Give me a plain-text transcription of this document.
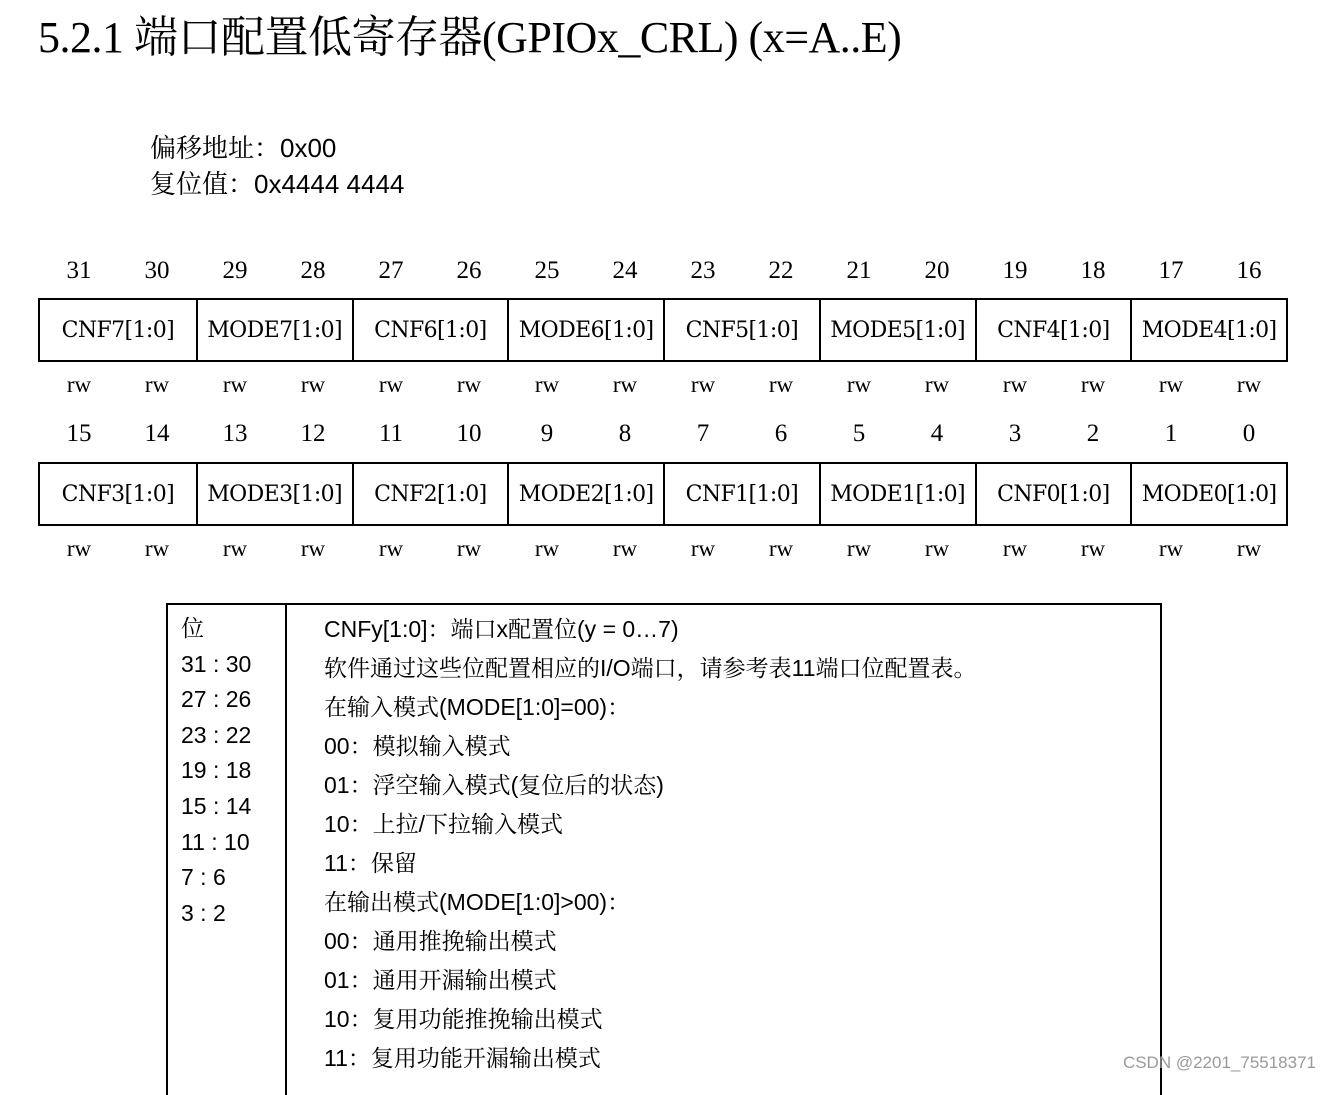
5.2.1 端口配置低寄存器(GPIOx_CRL) (x=A..E)
偏移地址：0x00
复位值：0x4444 4444
31	30	29	28	27	26	25	24	23	22	21	20	19	18	17	16
CNF7[1:0]	MODE7[1:0]	CNF6[1:0]	MODE6[1:0]	CNF5[1:0]	MODE5[1:0]	CNF4[1:0]	MODE4[1:0]
rw	rw	rw	rw	rw	rw	rw	rw	rw	rw	rw	rw	rw	rw	rw	rw
15	14	13	12	11	10	9	8	7	6	5	4	3	2	1	0
CNF3[1:0]	MODE3[1:0]	CNF2[1:0]	MODE2[1:0]	CNF1[1:0]	MODE1[1:0]	CNF0[1:0]	MODE0[1:0]
rw	rw	rw	rw	rw	rw	rw	rw	rw	rw	rw	rw	rw	rw	rw	rw
位
31 : 30
27 : 26
23 : 22
19 : 18
15 : 14
11 : 10
7 : 6
3 : 2
CNFy[1:0]：端口x配置位(y = 0…7)
软件通过这些位配置相应的I/O端口，请参考表11端口位配置表。
在输入模式(MODE[1:0]=00)：
00：模拟输入模式
01：浮空输入模式(复位后的状态)
10：上拉/下拉输入模式
11：保留
在输出模式(MODE[1:0]>00)：
00：通用推挽输出模式
01：通用开漏输出模式
10：复用功能推挽输出模式
11：复用功能开漏输出模式	CSDN @2201_75518371
